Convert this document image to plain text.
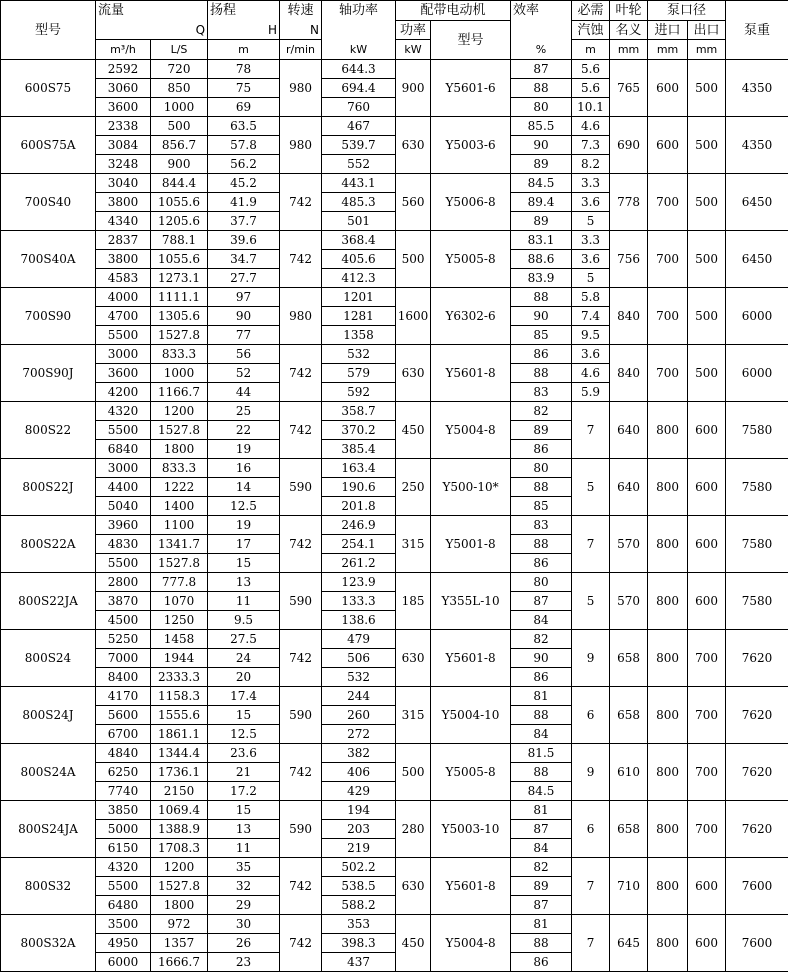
型号	流量		扬程	转速	轴功率	配带电动机		效率	必需	叶轮	泵口径		泵重
	Q		H	N		功率	型号		汽蚀	名义	进口	出口	
	m³/h	L/S	m	r/min	kW	kW		%	m	mm	mm	mm	
600S75	2592	720	78	980	644.3	900	Y5601-6	87	5.6	765	600	500	4350
	3060	850	75		694.4			88	5.6				
	3600	1000	69		760			80	10.1				
600S75A	2338	500	63.5	980	467	630	Y5003-6	85.5	4.6	690	600	500	4350
	3084	856.7	57.8		539.7			90	7.3				
	3248	900	56.2		552			89	8.2				
700S40	3040	844.4	45.2	742	443.1	560	Y5006-8	84.5	3.3	778	700	500	6450
	3800	1055.6	41.9		485.3			89.4	3.6				
	4340	1205.6	37.7		501			89	5				
700S40A	2837	788.1	39.6	742	368.4	500	Y5005-8	83.1	3.3	756	700	500	6450
	3800	1055.6	34.7		405.6			88.6	3.6				
	4583	1273.1	27.7		412.3			83.9	5				
700S90	4000	1111.1	97	980	1201	1600	Y6302-6	88	5.8	840	700	500	6000
	4700	1305.6	90		1281			90	7.4				
	5500	1527.8	77		1358			85	9.5				
700S90J	3000	833.3	56	742	532	630	Y5601-8	86	3.6	840	700	500	6000
	3600	1000	52		579			88	4.6				
	4200	1166.7	44		592			83	5.9				
800S22	4320	1200	25	742	358.7	450	Y5004-8	82	7	640	800	600	7580
	5500	1527.8	22		370.2			89					
	6840	1800	19		385.4			86					
800S22J	3000	833.3	16	590	163.4	250	Y500-10*	80	5	640	800	600	7580
	4400	1222	14		190.6			88					
	5040	1400	12.5		201.8			85					
800S22A	3960	1100	19	742	246.9	315	Y5001-8	83	7	570	800	600	7580
	4830	1341.7	17		254.1			88					
	5500	1527.8	15		261.2			86					
800S22JA	2800	777.8	13	590	123.9	185	Y355L-10	80	5	570	800	600	7580
	3870	1070	11		133.3			87					
	4500	1250	9.5		138.6			84					
800S24	5250	1458	27.5	742	479	630	Y5601-8	82	9	658	800	700	7620
	7000	1944	24		506			90					
	8400	2333.3	20		532			86					
800S24J	4170	1158.3	17.4	590	244	315	Y5004-10	81	6	658	800	700	7620
	5600	1555.6	15		260			88					
	6700	1861.1	12.5		272			84					
800S24A	4840	1344.4	23.6	742	382	500	Y5005-8	81.5	9	610	800	700	7620
	6250	1736.1	21		406			88					
	7740	2150	17.2		429			84.5					
800S24JA	3850	1069.4	15	590	194	280	Y5003-10	81	6	658	800	700	7620
	5000	1388.9	13		203			87					
	6150	1708.3	11		219			84					
800S32	4320	1200	35	742	502.2	630	Y5601-8	82	7	710	800	600	7600
	5500	1527.8	32		538.5			89					
	6480	1800	29		588.2			87					
800S32A	3500	972	30	742	353	450	Y5004-8	81	7	645	800	600	7600
	4950	1357	26		398.3			88					
	6000	1666.7	23		437			86					
